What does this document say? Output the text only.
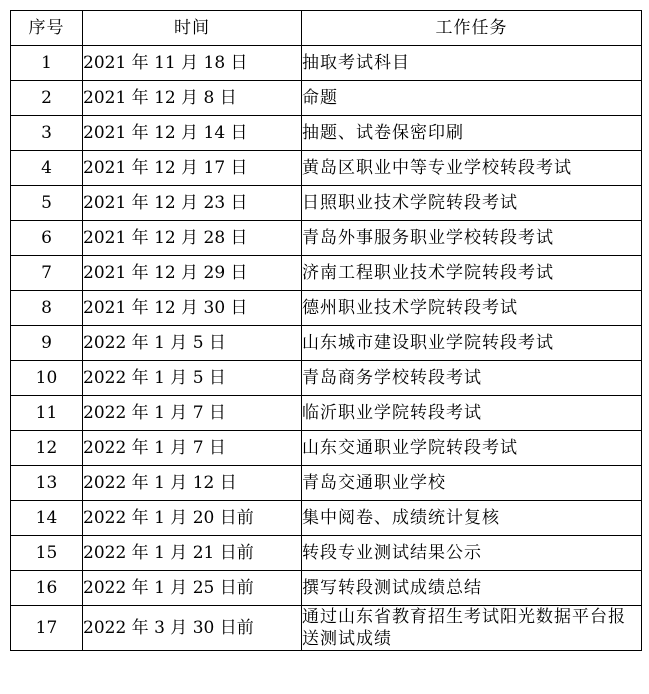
序号	时间	工作任务
1	2021 年 11 月 18 日	抽取考试科目
2	2021 年 12 月 8 日	命题
3	2021 年 12 月 14 日	抽题、试卷保密印刷
4	2021 年 12 月 17 日	黄岛区职业中等专业学校转段考试
5	2021 年 12 月 23 日	日照职业技术学院转段考试
6	2021 年 12 月 28 日	青岛外事服务职业学校转段考试
7	2021 年 12 月 29 日	济南工程职业技术学院转段考试
8	2021 年 12 月 30 日	德州职业技术学院转段考试
9	2022 年 1 月 5 日	山东城市建设职业学院转段考试
10	2022 年 1 月 5 日	青岛商务学校转段考试
11	2022 年 1 月 7 日	临沂职业学院转段考试
12	2022 年 1 月 7 日	山东交通职业学院转段考试
13	2022 年 1 月 12 日	青岛交通职业学校
14	2022 年 1 月 20 日前	集中阅卷、成绩统计复核
15	2022 年 1 月 21 日前	转段专业测试结果公示
16	2022 年 1 月 25 日前	撰写转段测试成绩总结
17	2022 年 3 月 30 日前	通过山东省教育招生考试阳光数据平台报送测试成绩
